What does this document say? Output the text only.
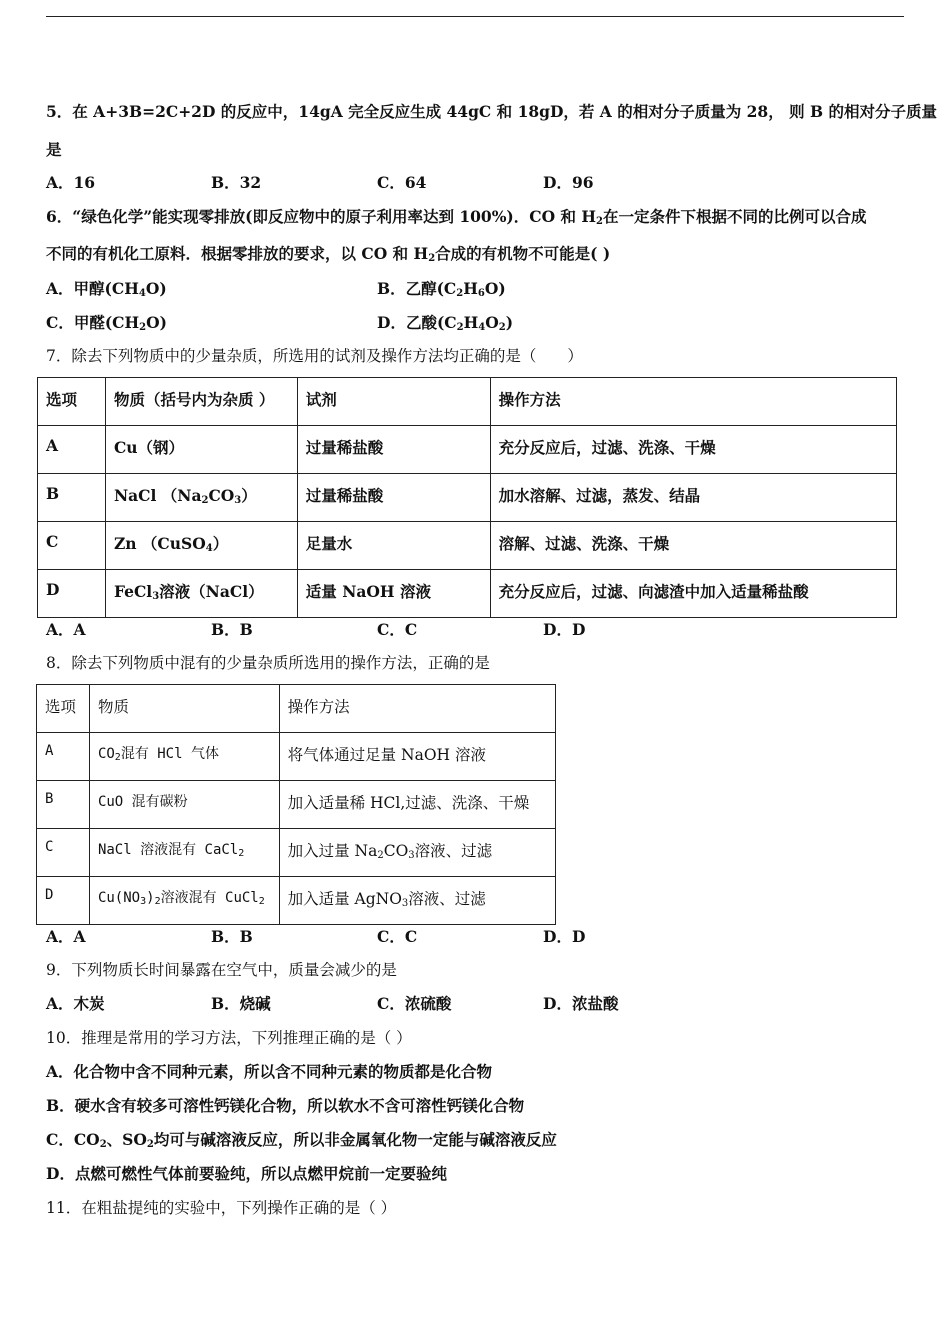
5．在 A+3B=2C+2D 的反应中，14gA 完全反应生成 44gC 和 18gD，若 A 的相对分子质量为 28， 则 B 的相对分子质量
是
A．16	B．32	C．64	D．96
6．“绿色化学”能实现零排放(即反应物中的原子利用率达到 100%)．CO 和 $H_2$在一定条件下根据不同的比例可以合成
不同的有机化工原料．根据零排放的要求，以 CO 和 $H_2$合成的有机物不可能是( )
A．甲醇$(CH_4O)$	B．乙醇$(C_2H_6O)$
C．甲醛$(CH_2O)$	D．乙酸$(C_2H_4O_2)$
7．除去下列物质中的少量杂质，所选用的试剂及操作方法均正确的是（　　）
选项	物质（括号内为杂质 ）	试剂	操作方法
A	Cu（钢）	过量稀盐酸	充分反应后，过滤、洗涤、干燥
B	NaCl $(Na_2CO_3)$	过量稀盐酸	加水溶解、过滤，蒸发、结晶
C	Zn （CuSO$_4$）	足量水	溶解、过滤、洗涤、干燥
D	FeCl$_3$溶液（NaCl）	适量 NaOH 溶液	充分反应后，过滤、向滤渣中加入适量稀盐酸
A．A	B．B	C．C	D．D
8．除去下列物质中混有的少量杂质所选用的操作方法，正确的是
选项	物质	操作方法
A	$CO_2$混有 HCl 气体	将气体通过足量 NaOH 溶液
B	CuO 混有碳粉	加入适量稀 HCl,过滤、洗涤、干燥
C	NaCl 溶液混有 CaCl$_2$	加入过量 $Na_2CO_3$溶液、过滤
D	$Cu(NO_3)_2$溶液混有 CuCl$_2$	加入适量 AgNO$_3$溶液、过滤
A．A	B．B	C．C	D．D
9．下列物质长时间暴露在空气中，质量会减少的是
A．木炭	B．烧碱	C．浓硫酸	D．浓盐酸
10．推理是常用的学习方法，下列推理正确的是（ ）
A．化合物中含不同种元素，所以含不同种元素的物质都是化合物
B．硬水含有较多可溶性钙镁化合物，所以软水不含可溶性钙镁化合物
C．$CO_2$、$SO_2$均可与碱溶液反应，所以非金属氧化物一定能与碱溶液反应
D．点燃可燃性气体前要验纯，所以点燃甲烷前一定要验纯
11．在粗盐提纯的实验中，下列操作正确的是（ ）
